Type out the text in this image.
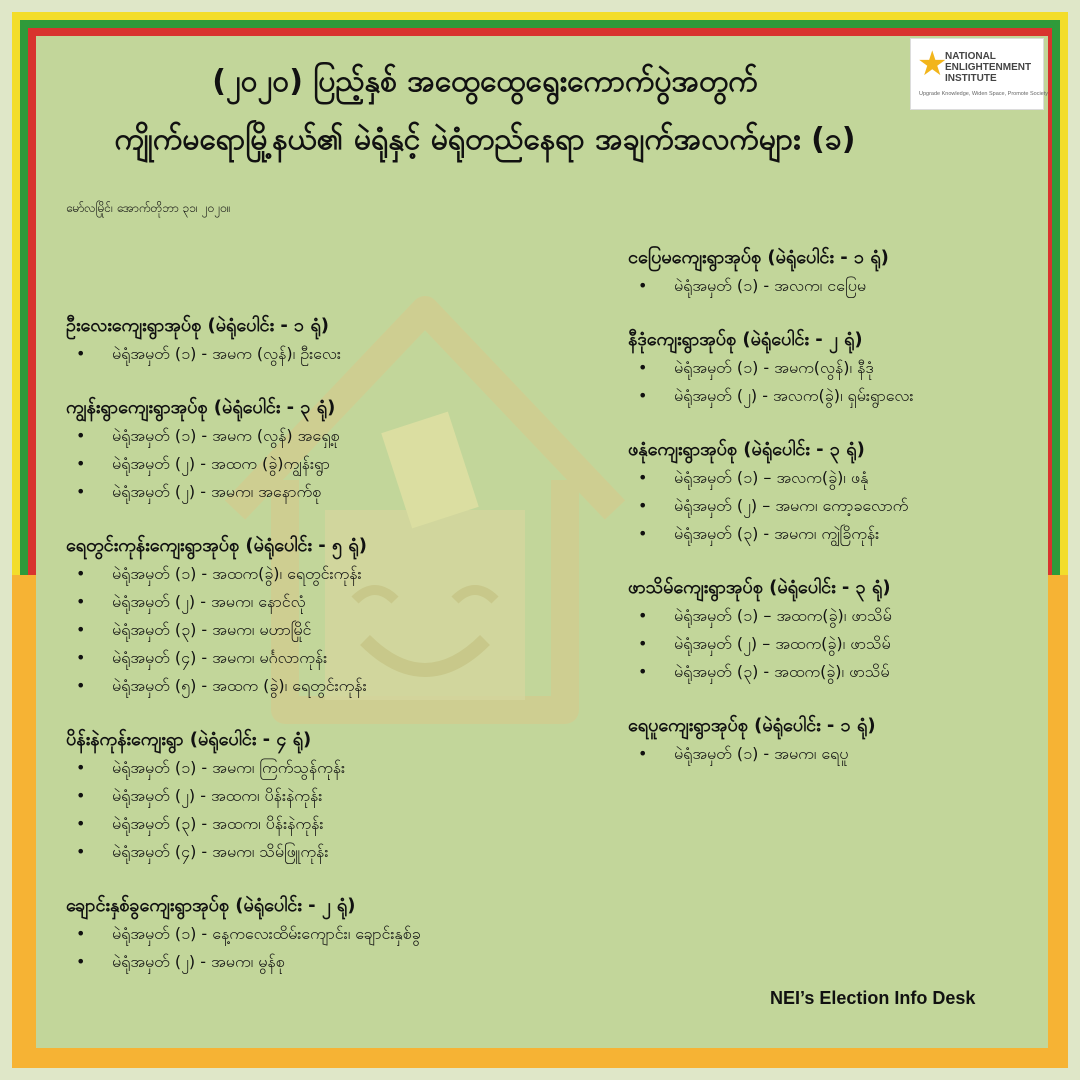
★
NATIONAL
ENLIGHTENMENT
INSTITUTE
Upgrade Knowledge, Widen Space, Promote Society
(၂၀၂၀) ပြည့်နှစ် အထွေထွေရွေးကောက်ပွဲအတွက်
ကျိုက်မရောမြို့နယ်၏ မဲရုံနှင့် မဲရုံတည်နေရာ အချက်အလက်များ (ခ)
မော်လမြိုင်၊ အောက်တိုဘာ ၃၁၊ ၂၀၂၀။
ဦးလေးကျေးရွာအုပ်စု (မဲရုံပေါင်း - ၁ ရုံ)
• မဲရုံအမှတ် (၁) - အမက (လွန်)၊ ဦးလေး
ကျွန်းရွာကျေးရွာအုပ်စု (မဲရုံပေါင်း - ၃ ရုံ)
• မဲရုံအမှတ် (၁) - အမက (လွန်) အရှေ့စု
• မဲရုံအမှတ် (၂) - အထက (ခွဲ)ကျွန်းရွာ
• မဲရုံအမှတ် (၂) - အမက၊ အနောက်စု
ရေတွင်းကုန်းကျေးရွာအုပ်စု (မဲရုံပေါင်း - ၅ ရုံ)
• မဲရုံအမှတ် (၁) - အထက(ခွဲ)၊ ရေတွင်းကုန်း
• မဲရုံအမှတ် (၂) - အမက၊ နောင်လုံ
• မဲရုံအမှတ် (၃) - အမက၊ မဟာမြိုင်
• မဲရုံအမှတ် (၄) - အမက၊ မင်္ဂလာကုန်း
• မဲရုံအမှတ် (၅) - အထက (ခွဲ)၊ ရေတွင်းကုန်း
ပိန်းနဲကုန်းကျေးရွာ (မဲရုံပေါင်း - ၄ ရုံ)
• မဲရုံအမှတ် (၁) - အမက၊ ကြက်သွန်ကုန်း
• မဲရုံအမှတ် (၂) - အထက၊ ပိန်းနဲကုန်း
• မဲရုံအမှတ် (၃) - အထက၊ ပိန်းနဲကုန်း
• မဲရုံအမှတ် (၄) - အမက၊ သိမ်ဖြူကုန်း
ချောင်းနှစ်ခွကျေးရွာအုပ်စု (မဲရုံပေါင်း - ၂ ရုံ)
• မဲရုံအမှတ် (၁) - နေ့ကလေးထိမ်းကျောင်း၊ ချောင်းနှစ်ခွ
• မဲရုံအမှတ် (၂) - အမက၊ မွန်စု
ငပြေမကျေးရွာအုပ်စု (မဲရုံပေါင်း - ၁ ရုံ)
• မဲရုံအမှတ် (၁) - အလက၊ ငပြေမ
နီဒုံကျေးရွာအုပ်စု (မဲရုံပေါင်း - ၂ ရုံ)
• မဲရုံအမှတ် (၁) - အမက(လွန်)၊ နီဒုံ
• မဲရုံအမှတ် (၂) - အလက(ခွဲ)၊ ရှမ်းရွာလေး
ဖနုံကျေးရွာအုပ်စု (မဲရုံပေါင်း - ၃ ရုံ)
• မဲရုံအမှတ် (၁) – အလက(ခွဲ)၊ ဖနုံ
• မဲရုံအမှတ် (၂) – အမက၊ ကော့ခလောက်
• မဲရုံအမှတ် (၃) - အမက၊ ကျွဲခြိကုန်း
ဖာသိမ်ကျေးရွာအုပ်စု (မဲရုံပေါင်း - ၃ ရုံ)
• မဲရုံအမှတ် (၁) – အထက(ခွဲ)၊ ဖာသိမ်
• မဲရုံအမှတ် (၂) – အထက(ခွဲ)၊ ဖာသိမ်
• မဲရုံအမှတ် (၃) - အထက(ခွဲ)၊ ဖာသိမ်
ရေပူကျေးရွာအုပ်စု (မဲရုံပေါင်း - ၁ ရုံ)
• မဲရုံအမှတ် (၁) - အမက၊ ရေပူ
NEI’s Election Info Desk
